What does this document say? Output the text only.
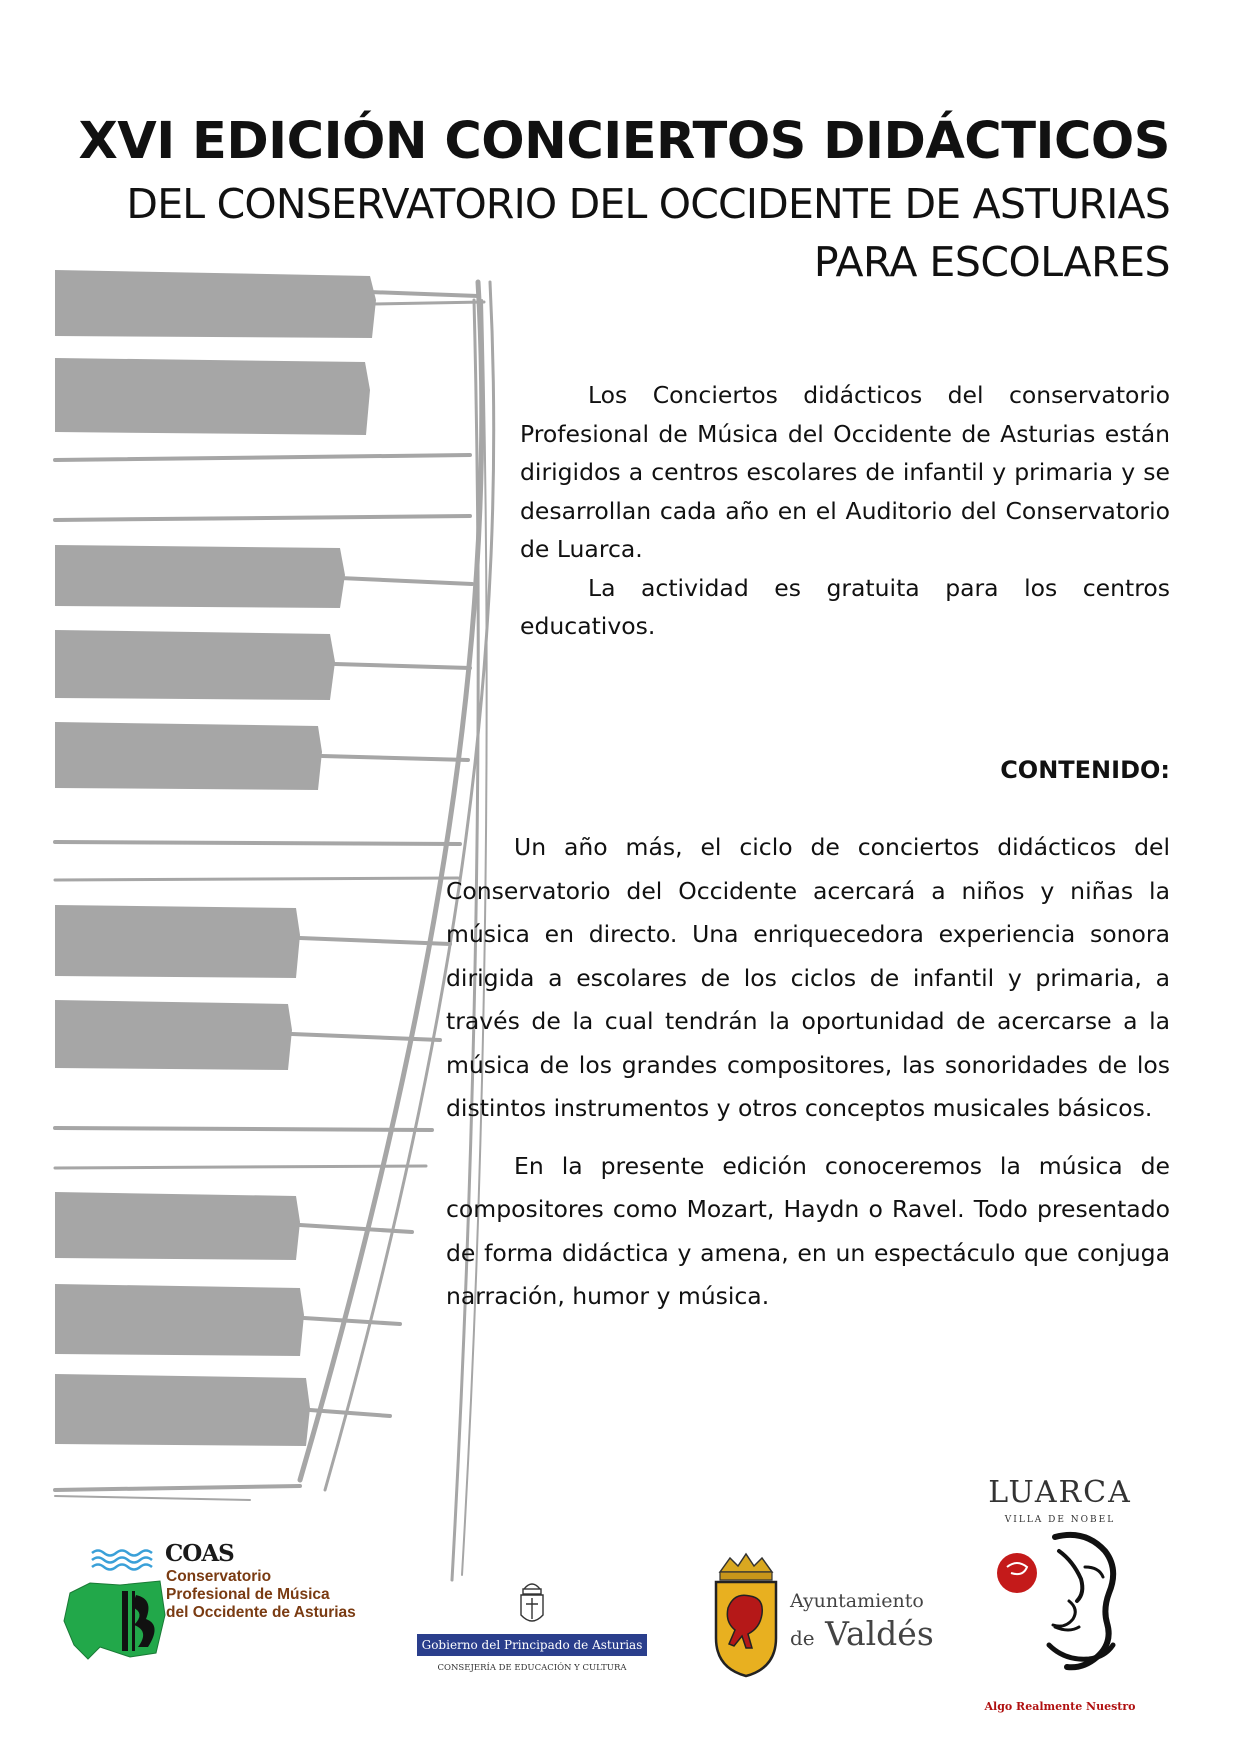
XVI EDICIÓN CONCIERTOS DIDÁCTICOS
DEL CONSERVATORIO DEL OCCIDENTE DE ASTURIAS
PARA ESCOLARES

Los Conciertos didácticos del conservatorio Profesional de Música del Occidente de Asturias están dirigidos a centros escolares de infantil y primaria y se desarrollan cada año en el Auditorio del Conservatorio de Luarca.

La actividad es gratuita para los centros educativos.

CONTENIDO:

Un año más, el ciclo de conciertos didácticos del Conservatorio del Occidente acercará a niños y niñas la música en directo. Una enriquecedora experiencia sonora dirigida a escolares de los ciclos de infantil y primaria, a través de la cual tendrán la oportunidad de acercarse a la música de los grandes compositores, las sonoridades de los distintos instrumentos y otros conceptos musicales básicos.

En la presente edición conoceremos la música de compositores como Mozart, Haydn o Ravel. Todo presentado de forma didáctica y amena, en un espectáculo que conjuga narración, humor y música.

COAS
Conservatorio
Profesional de Música
del Occidente de Asturias
Gobierno del Principado de Asturias
CONSEJERÍA DE EDUCACIÓN Y CULTURA
Ayuntamiento
de Valdés
LUARCA
VILLA DE NOBEL
Algo Realmente Nuestro
